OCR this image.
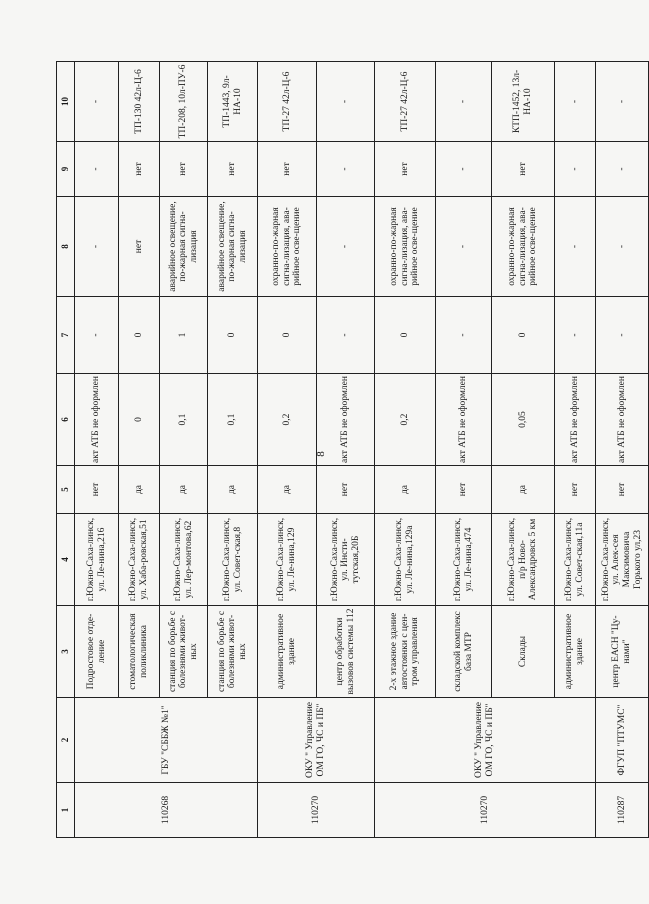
8
1	2	3	4	5	6	7	8	9	10
110268	ГБУ "СББЖ №1"	Подростовое отде-ление	г.Южно-Саха-линск, ул. Ле-нина,216	нет	акт АТБ не оформлен	-	-	-	-
		стоматологическая поликлиника	г.Южно-Саха-линск, ул. Хаба-ровская,51	да	0	0	нет	нет	ТП-130 42л-Ц-6
		станция по борьбе с болезнями живот-ных	г.Южно-Саха-линск, ул. Лер-монтова,62	да	0,1	1	аварийное освещение, по-жарная сигна-лизация	нет	ТП-208, 10л-ПУ-6
		станция по борьбе с болезнями живот-ных	г.Южно-Саха-линск, ул. Совет-ская,8	да	0,1	0	аварийное освещение, по-жарная сигна-лизация	нет	ТП-1443, 9л-НА-10
110270	ОКУ " Управление ОМ ГО, ЧС и ПБ"	административное здание	г.Южно-Саха-линск, ул. Ле-нина,129	да	0,2	0	охранно-по-жарная сигна-лизация, ава-рийное осве-щение	нет	ТП-27 42л-Ц-6
		центр обработки вызовов системы 112	г.Южно-Саха-линск, ул. Инсти-тутская,20Б	нет	акт АТБ не оформлен	-	-	-	-
110270	ОКУ " Управление ОМ ГО, ЧС и ПБ"	2-х этажное здание автостоянки с цен-тром управления	г.Южно-Саха-линск, ул. Ле-нина,129а	да	0,2	0	охранно-по-жарная сигна-лизация, ава-рийное осве-щение	нет	ТП-27 42л-Ц-6
		складской комплекс база МТР	г.Южно-Саха-линск, ул. Ле-нина,474	нет	акт АТБ не оформлен	-	-	-	-
		Склады	г.Южно-Саха-линск, п/р Ново-Александровск 5 км	да	0,05	0	охранно-по-жарная сигна-лизация, ава-рийное осве-щение	нет	КТП-1452, 13л-НА-10
		административное здание	г.Южно-Саха-линск, ул. Совет-ская,11а	нет	акт АТБ не оформлен	-	-	-	-
110287	ФГУП "ПТУМС"	центр ЕАСН "Цу-нами"	г.Южно-Саха-линск, ул. Алек-сея Максимовича Горького ул,23	нет	акт АТБ не оформлен	-	-	-	-
